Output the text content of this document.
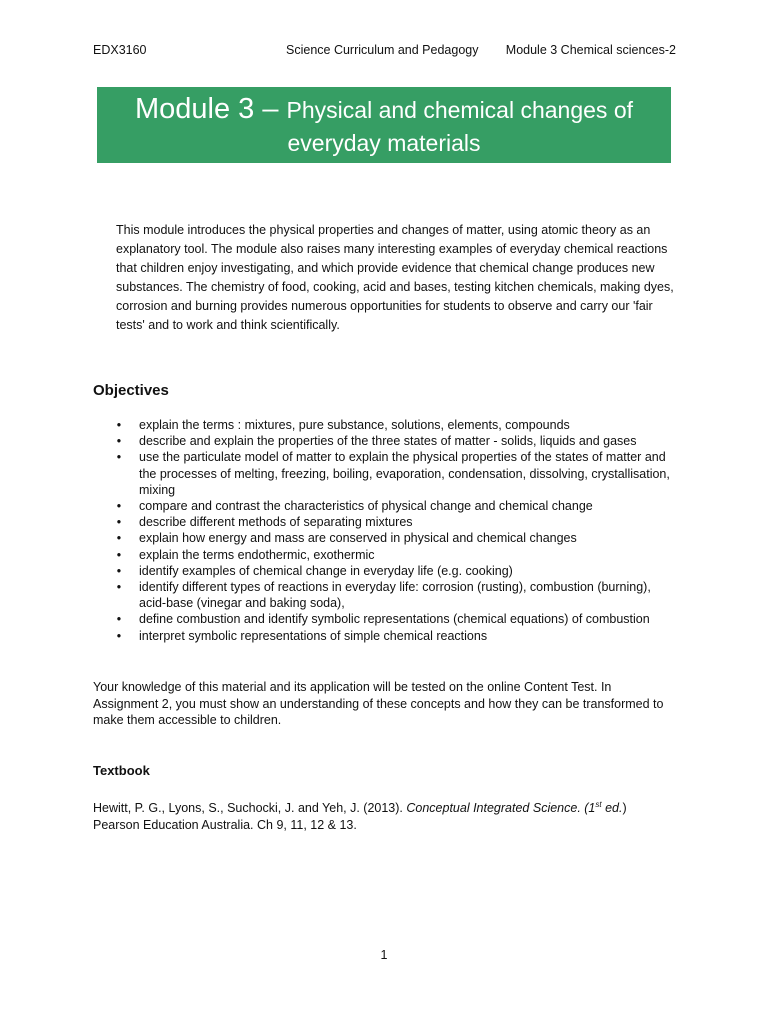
EDX3160	Science Curriculum and Pedagogy Module 3 Chemical sciences-2
Module 3 – Physical and chemical changes of
everyday materials

This module introduces the physical properties and changes of matter, using atomic theory as an explanatory tool. The module also raises many interesting examples of everyday chemical reactions that children enjoy investigating, and which provide evidence that chemical change produces new substances. The chemistry of food, cooking, acid and bases, testing kitchen chemicals, making dyes, corrosion and burning provides numerous opportunities for students to observe and carry our 'fair tests' and to work and think scientifically.

Objectives
•	explain the terms : mixtures, pure substance, solutions, elements, compounds
•	describe and explain the properties of the three states of matter - solids, liquids and gases
•	use the particulate model of matter to explain the physical properties of the states of matter and the processes of melting, freezing, boiling, evaporation, condensation, dissolving, crystallisation, mixing
•	compare and contrast the characteristics of physical change and chemical change
•	describe different methods of separating mixtures
•	explain how energy and mass are conserved in physical and chemical changes
•	explain the terms endothermic, exothermic
•	identify examples of chemical change in everyday life (e.g. cooking)
•	identify different types of reactions in everyday life: corrosion (rusting), combustion (burning), acid-base (vinegar and baking soda),
•	define combustion and identify symbolic representations (chemical equations) of combustion
•	interpret symbolic representations of simple chemical reactions

Your knowledge of this material and its application will be tested on the online Content Test. In Assignment 2, you must show an understanding of these concepts and how they can be transformed to make them accessible to children.

Textbook

Hewitt, P. G., Lyons, S., Suchocki, J. and Yeh, J. (2013). Conceptual Integrated Science. (1st ed.)
Pearson Education Australia. Ch 9, 11, 12 & 13.

1
